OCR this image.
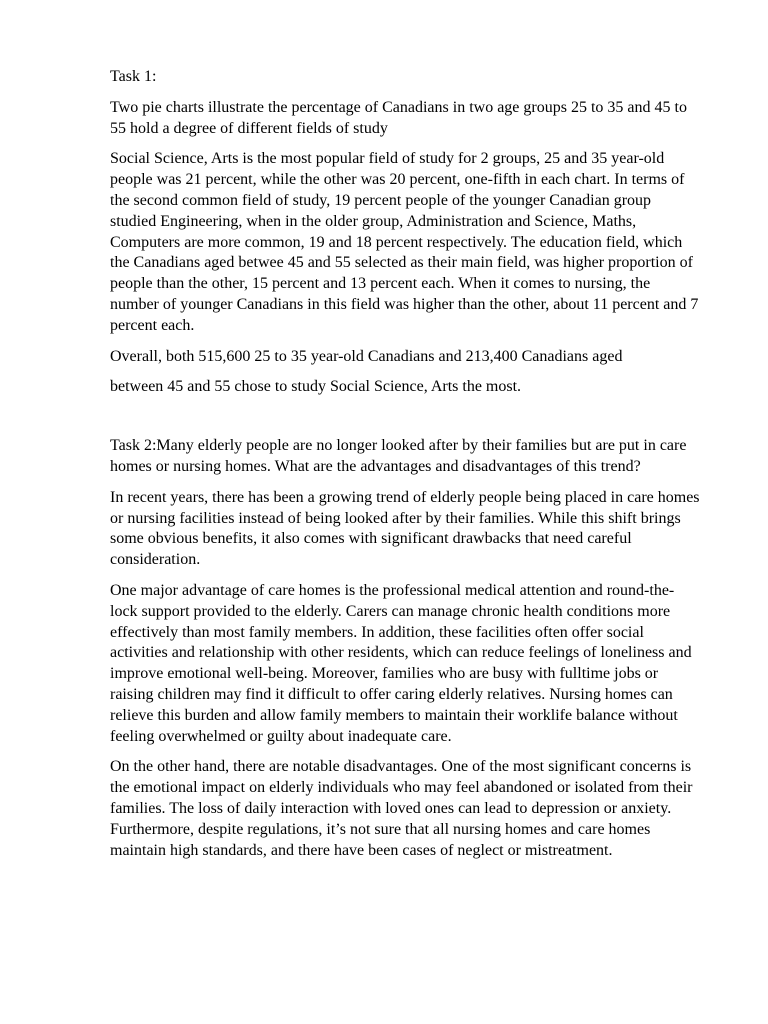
Task 1:

Two pie charts illustrate the percentage of Canadians in two age groups 25 to 35 and 45 to 55 hold a degree of different fields of study

Social Science, Arts is the most popular field of study for 2 groups, 25 and 35 year-old people was 21 percent, while the other was 20 percent, one-fifth in each chart. In terms of the second common field of study, 19 percent people of the younger Canadian group studied Engineering, when in the older group, Administration and Science, Maths, Computers are more common, 19 and 18 percent respectively. The education field, which the Canadians aged betwee 45 and 55 selected as their main field, was higher proportion of people than the other, 15 percent and 13 percent each. When it comes to nursing, the number of younger Canadians in this field was higher than the other, about 11 percent and 7 percent each.

Overall, both 515,600 25 to 35 year-old Canadians and 213,400 Canadians aged

between 45 and 55 chose to study Social Science, Arts the most.

Task 2:Many elderly people are no longer looked after by their families but are put in care homes or nursing homes. What are the advantages and disadvantages of this trend?

In recent years, there has been a growing trend of elderly people being placed in care homes or nursing facilities instead of being looked after by their families. While this shift brings some obvious benefits, it also comes with significant drawbacks that need careful consideration.

One major advantage of care homes is the professional medical attention and round-the- lock support provided to the elderly. Carers can manage chronic health conditions more effectively than most family members. In addition, these facilities often offer social activities and relationship with other residents, which can reduce feelings of loneliness and improve emotional well-being. Moreover, families who are busy with fulltime jobs or raising children may find it difficult to offer caring elderly relatives. Nursing homes can relieve this burden and allow family members to maintain their worklife balance without feeling overwhelmed or guilty about inadequate care.

On the other hand, there are notable disadvantages. One of the most significant concerns is the emotional impact on elderly individuals who may feel abandoned or isolated from their families. The loss of daily interaction with loved ones can lead to depression or anxiety. Furthermore, despite regulations, it’s not sure that all nursing homes and care homes maintain high standards, and there have been cases of neglect or mistreatment.
